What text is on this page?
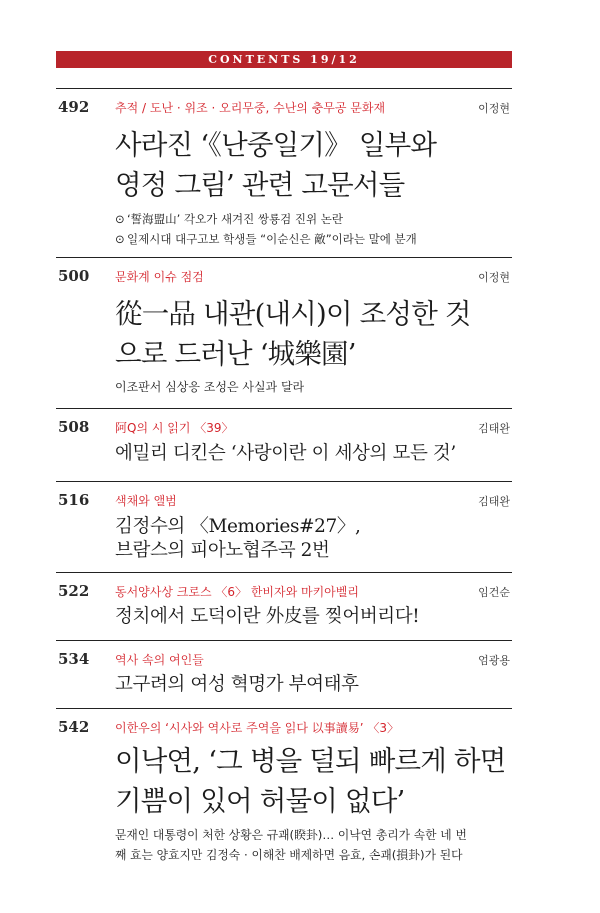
CONTENTS 19/12
492 추적 / 도난 · 위조 · 오리무중, 수난의 충무공 문화재	이정현
사라진 ‘《난중일기》 일부와
영정 그림’ 관련 고문서들
⊙ ‘誓海盟山’ 각오가 새겨진 쌍룡검 진위 논란
⊙ 일제시대 대구고보 학생들 “이순신은 敵”이라는 말에 분개
500 문화계 이슈 점검	이정현
從一品 내관(내시)이 조성한 것
으로 드러난 ‘城樂園’
이조판서 심상응 조성은 사실과 달라
508 阿Q의 시 읽기 〈39〉	김태완
에밀리 디킨슨 ‘사랑이란 이 세상의 모든 것’
516 색채와 앨범	김태완
김정수의 〈Memories#27〉,
브람스의 피아노협주곡 2번
522 동서양사상 크로스 〈6〉 한비자와 마키아벨리	임건순
정치에서 도덕이란 外皮를 찢어버리다!
534 역사 속의 여인들	엄광용
고구려의 여성 혁명가 부여태후
542 이한우의 ‘시사와 역사로 주역을 읽다 以事讀易’ 〈3〉
이낙연, ‘그 병을 덜되 빠르게 하면
기쁨이 있어 허물이 없다’
문재인 대통령이 처한 상황은 규괘(睽卦)… 이낙연 총리가 속한 네 번
째 효는 양효지만 김정숙 · 이해찬 배제하면 음효, 손괘(損卦)가 된다
